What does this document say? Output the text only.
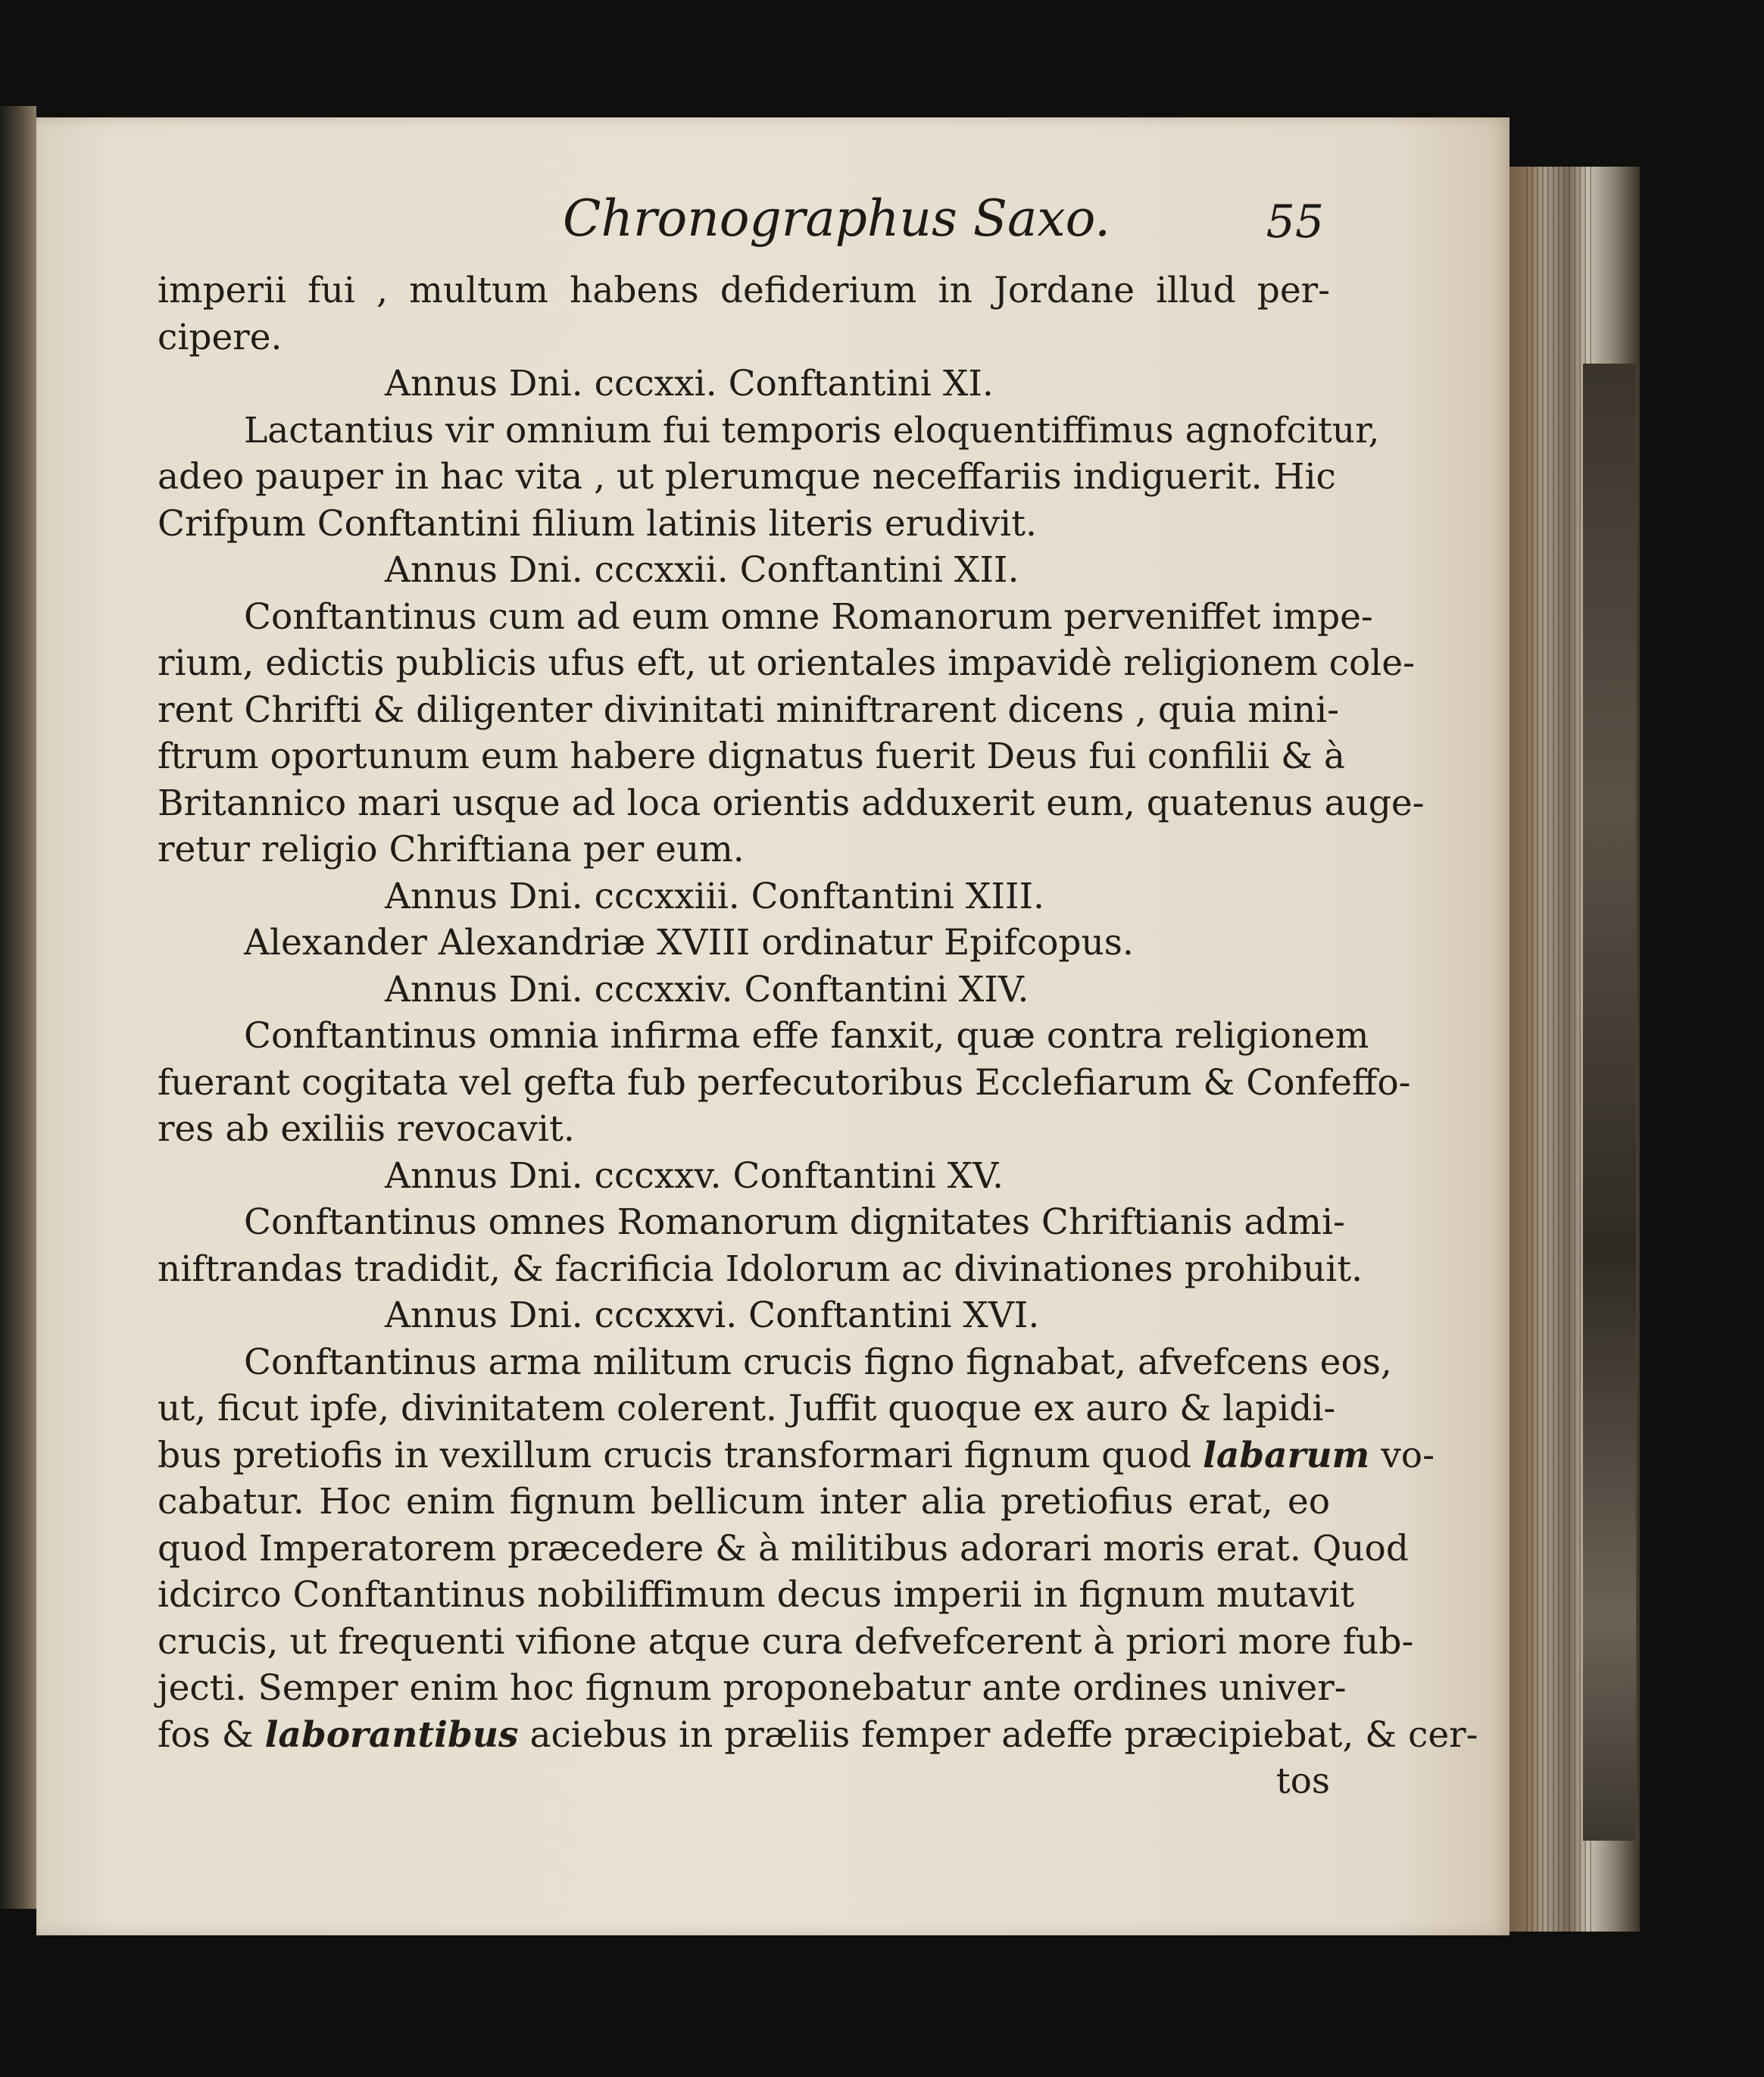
Chronographus Saxo.	55
imperii fui , multum habens defiderium in Jordane illud per-
cipere.
Annus Dni. cccxxi. Conftantini XI.
Lactantius vir omnium fui temporis eloquentiffimus agnofcitur,
adeo pauper in hac vita , ut plerumque neceffariis indiguerit. Hic
Crifpum Conftantini filium latinis literis erudivit.
Annus Dni. cccxxii. Conftantini XII.
Conftantinus cum ad eum omne Romanorum perveniffet impe-
rium, edictis publicis ufus eft, ut orientales impavidè religionem cole-
rent Chrifti & diligenter divinitati miniftrarent dicens , quia mini-
ftrum oportunum eum habere dignatus fuerit Deus fui confilii & à
Britannico mari usque ad loca orientis adduxerit eum, quatenus auge-
retur religio Chriftiana per eum.
Annus Dni. cccxxiii. Conftantini XIII.
Alexander Alexandriæ XVIII ordinatur Epifcopus.
Annus Dni. cccxxiv. Conftantini XIV.
Conftantinus omnia infirma effe fanxit, quæ contra religionem
fuerant cogitata vel gefta fub perfecutoribus Ecclefiarum & Confeffo-
res ab exiliis revocavit.
Annus Dni. cccxxv. Conftantini XV.
Conftantinus omnes Romanorum dignitates Chriftianis admi-
niftrandas tradidit, & facrificia Idolorum ac divinationes prohibuit.
Annus Dni. cccxxvi. Conftantini XVI.
Conftantinus arma militum crucis figno fignabat, afvefcens eos,
ut, ficut ipfe, divinitatem colerent. Juffit quoque ex auro & lapidi-
bus pretiofis in vexillum crucis transformari fignum quod labarum vo-
cabatur. Hoc enim fignum bellicum inter alia pretiofius erat, eo
quod Imperatorem præcedere & à militibus adorari moris erat. Quod
idcirco Conftantinus nobiliffimum decus imperii in fignum mutavit
crucis, ut frequenti vifione atque cura defvefcerent à priori more fub-
jecti. Semper enim hoc fignum proponebatur ante ordines univer-
fos & laborantibus aciebus in præliis femper adeffe præcipiebat, & cer-
tos
